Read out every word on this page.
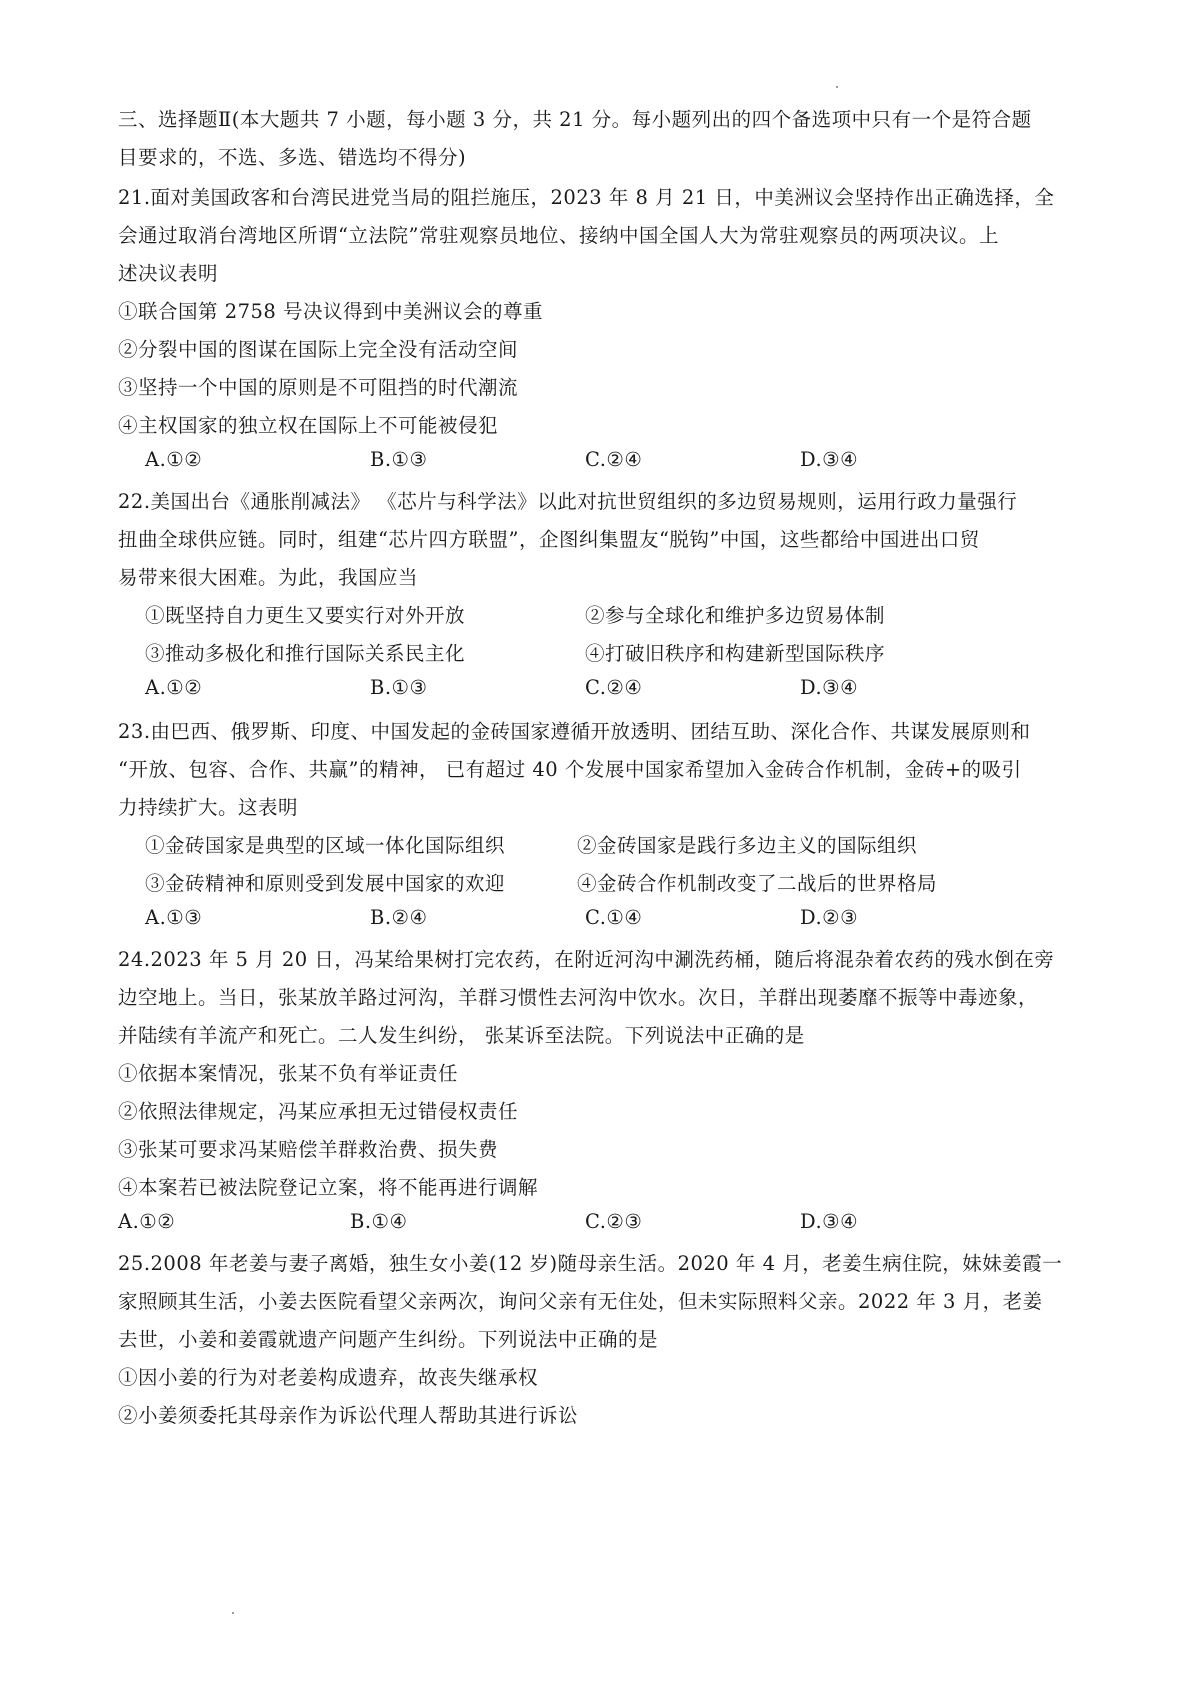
三、选择题Ⅱ(本大题共 7 小题，每小题 3 分，共 21 分。每小题列出的四个备选项中只有一个是符合题
目要求的，不选、多选、错选均不得分)
21.面对美国政客和台湾民进党当局的阻拦施压，2023 年 8 月 21 日，中美洲议会坚持作出正确选择，全
会通过取消台湾地区所谓“立法院”常驻观察员地位、接纳中国全国人大为常驻观察员的两项决议。上
述决议表明
①联合国第 2758 号决议得到中美洲议会的尊重
②分裂中国的图谋在国际上完全没有活动空间
③坚持一个中国的原则是不可阻挡的时代潮流
④主权国家的独立权在国际上不可能被侵犯
A.①②	B.①③	C.②④	D.③④
22.美国出台《通胀削减法》 《芯片与科学法》以此对抗世贸组织的多边贸易规则，运用行政力量强行
扭曲全球供应链。同时，组建“芯片四方联盟”，企图纠集盟友“脱钩”中国，这些都给中国进出口贸
易带来很大困难。为此，我国应当
①既坚持自力更生又要实行对外开放	②参与全球化和维护多边贸易体制
③推动多极化和推行国际关系民主化	④打破旧秩序和构建新型国际秩序
A.①②	B.①③	C.②④	D.③④
23.由巴西、俄罗斯、印度、中国发起的金砖国家遵循开放透明、团结互助、深化合作、共谋发展原则和
“开放、包容、合作、共赢”的精神， 已有超过 40 个发展中国家希望加入金砖合作机制，金砖+的吸引
力持续扩大。这表明
①金砖国家是典型的区域一体化国际组织	②金砖国家是践行多边主义的国际组织
③金砖精神和原则受到发展中国家的欢迎	④金砖合作机制改变了二战后的世界格局
A.①③	B.②④	C.①④	D.②③
24.2023 年 5 月 20 日，冯某给果树打完农药，在附近河沟中涮洗药桶，随后将混杂着农药的残水倒在旁
边空地上。当日，张某放羊路过河沟，羊群习惯性去河沟中饮水。次日，羊群出现萎靡不振等中毒迹象，
并陆续有羊流产和死亡。二人发生纠纷， 张某诉至法院。下列说法中正确的是
①依据本案情况，张某不负有举证责任
②依照法律规定，冯某应承担无过错侵权责任
③张某可要求冯某赔偿羊群救治费、损失费
④本案若已被法院登记立案，将不能再进行调解
A.①②	B.①④	C.②③	D.③④
25.2008 年老姜与妻子离婚，独生女小姜(12 岁)随母亲生活。2020 年 4 月，老姜生病住院，妹妹姜霞一
家照顾其生活，小姜去医院看望父亲两次，询问父亲有无住处，但未实际照料父亲。2022 年 3 月，老姜
去世，小姜和姜霞就遗产问题产生纠纷。下列说法中正确的是
①因小姜的行为对老姜构成遗弃，故丧失继承权
②小姜须委托其母亲作为诉讼代理人帮助其进行诉讼
